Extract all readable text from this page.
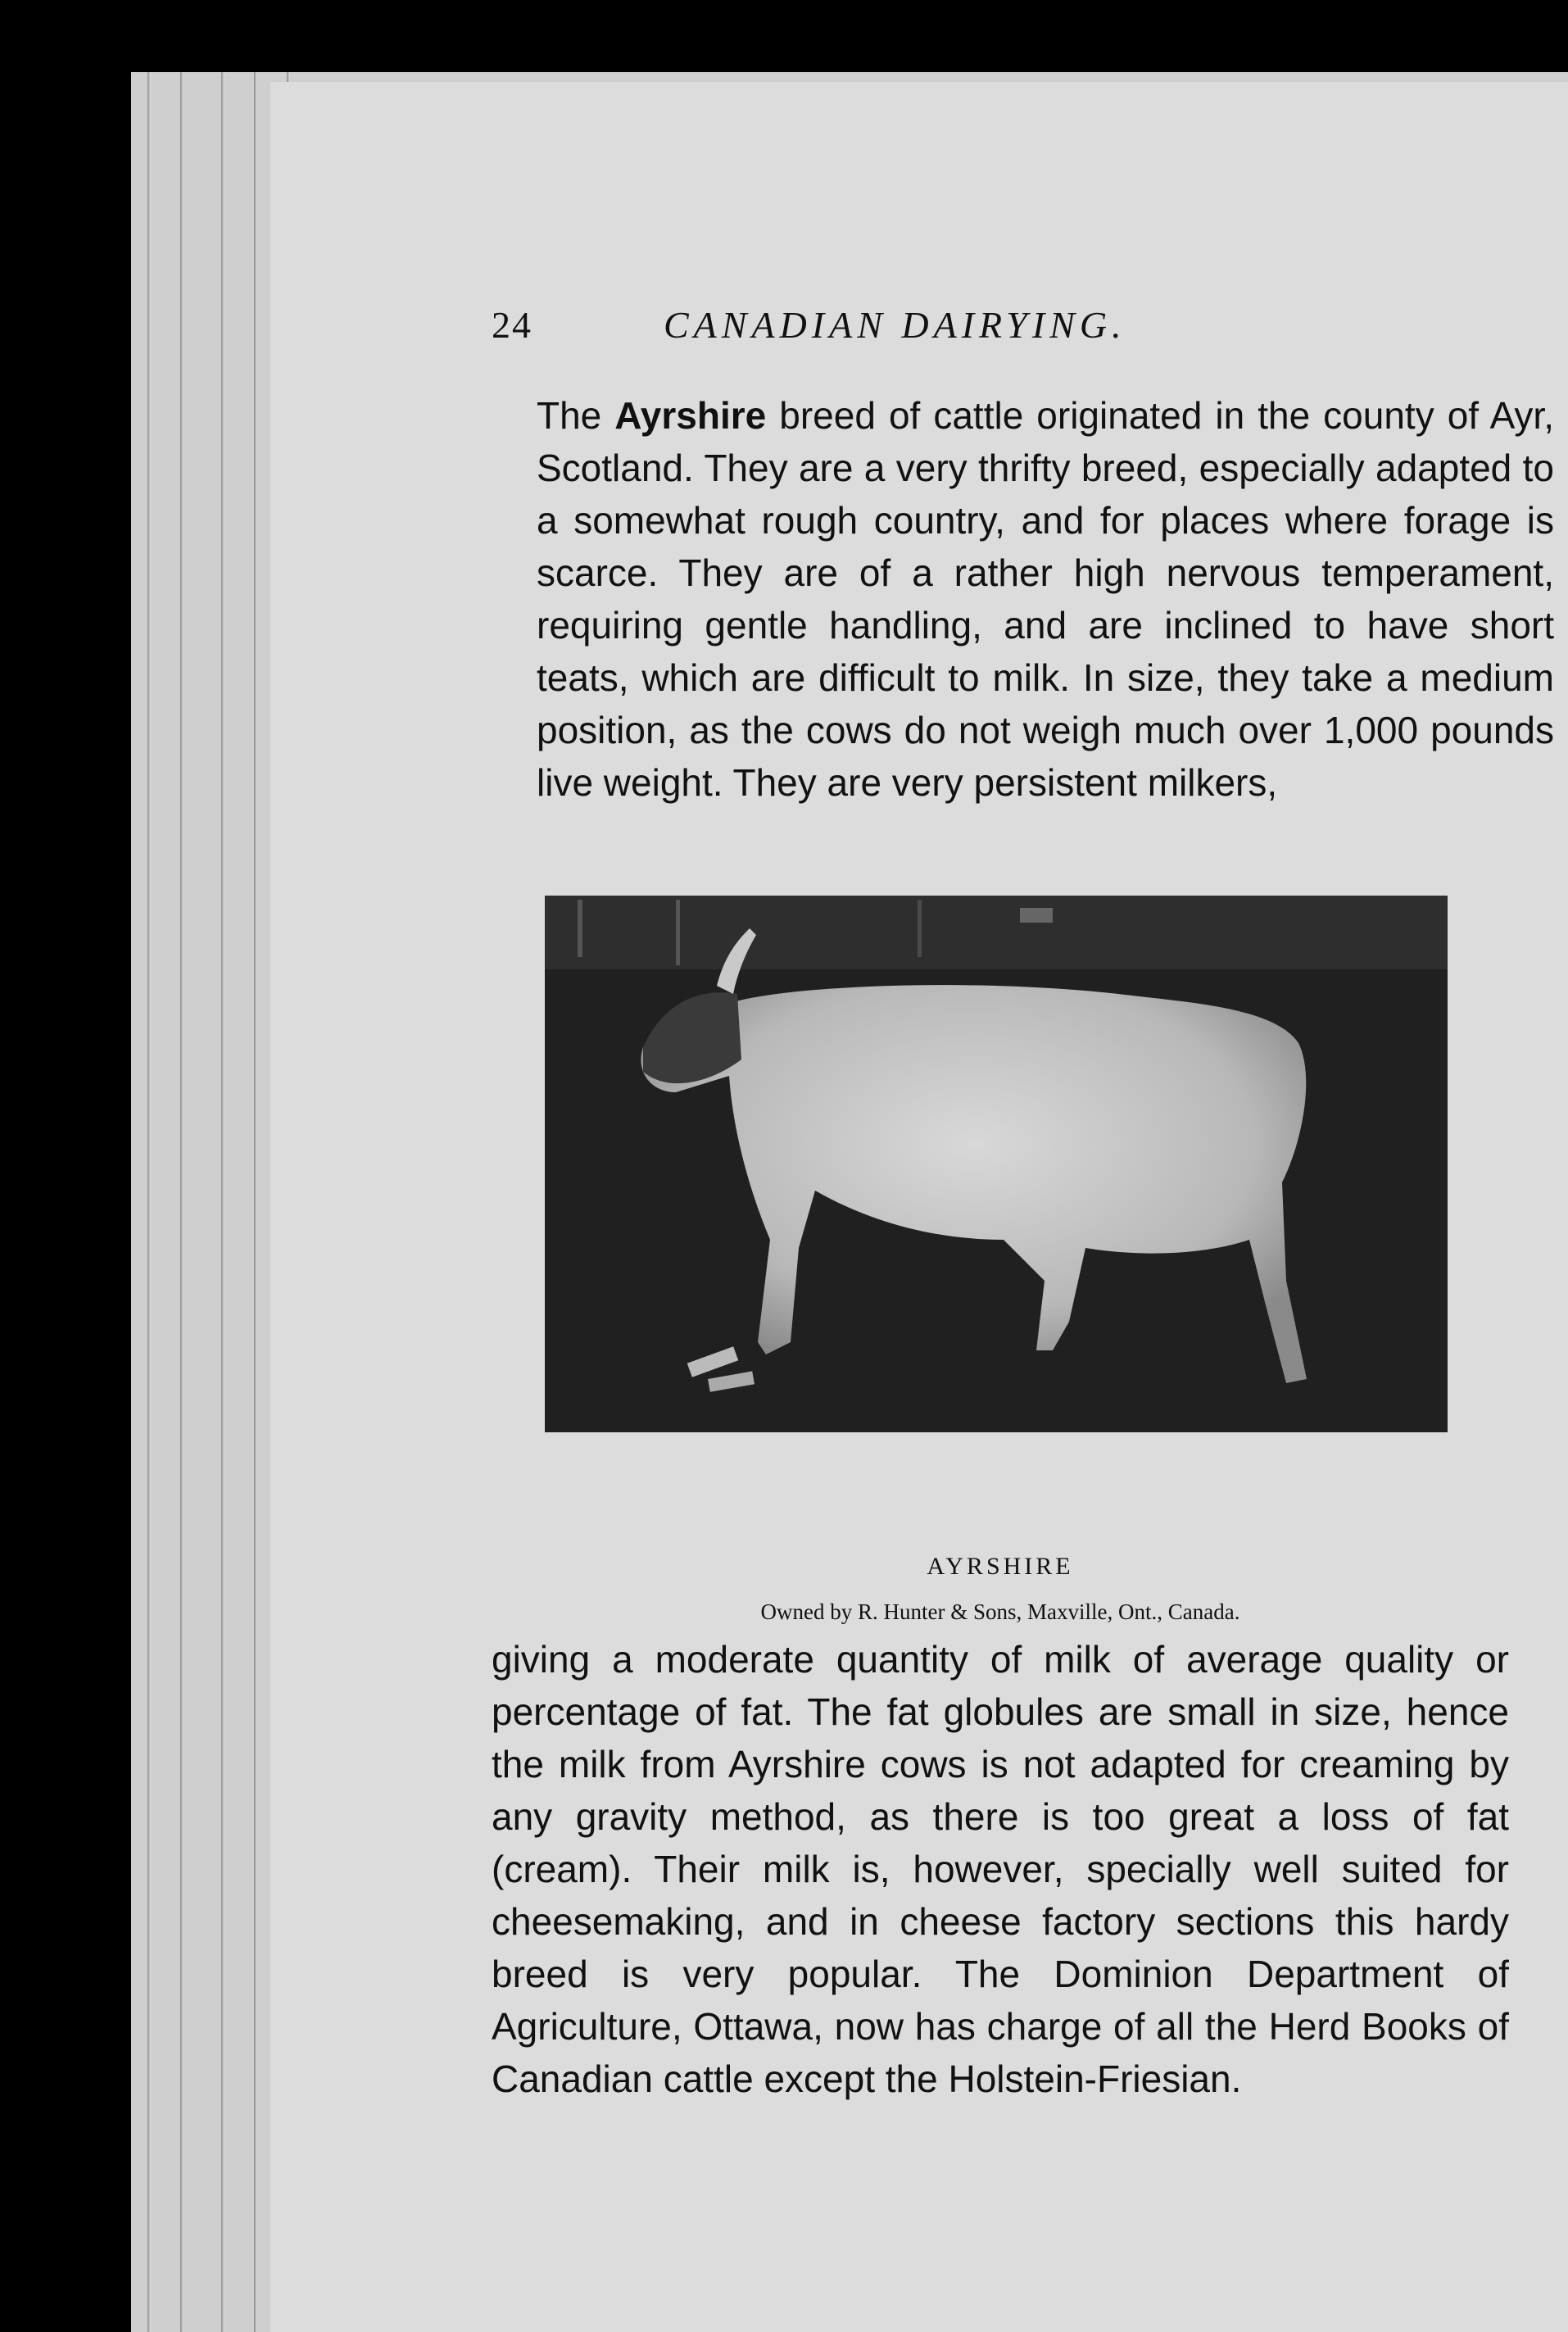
24	CANADIAN DAIRYING.
The Ayrshire breed of cattle originated in the county of Ayr, Scotland. They are a very thrifty breed, especially adapted to a somewhat rough country, and for places where forage is scarce. They are of a rather high nervous temperament, requiring gentle handling, and are inclined to have short teats, which are difficult to milk. In size, they take a medium position, as the cows do not weigh much over 1,000 pounds live weight. They are very persistent milkers,
AYRSHIRE
Owned by R. Hunter & Sons, Maxville, Ont., Canada.
giving a moderate quantity of milk of average quality or percentage of fat. The fat globules are small in size, hence the milk from Ayrshire cows is not adapted for creaming by any gravity method, as there is too great a loss of fat (cream). Their milk is, however, specially well suited for cheesemaking, and in cheese factory sections this hardy breed is very popular. The Dominion Department of Agriculture, Ottawa, now has charge of all the Herd Books of Canadian cattle except the Holstein-Friesian.
